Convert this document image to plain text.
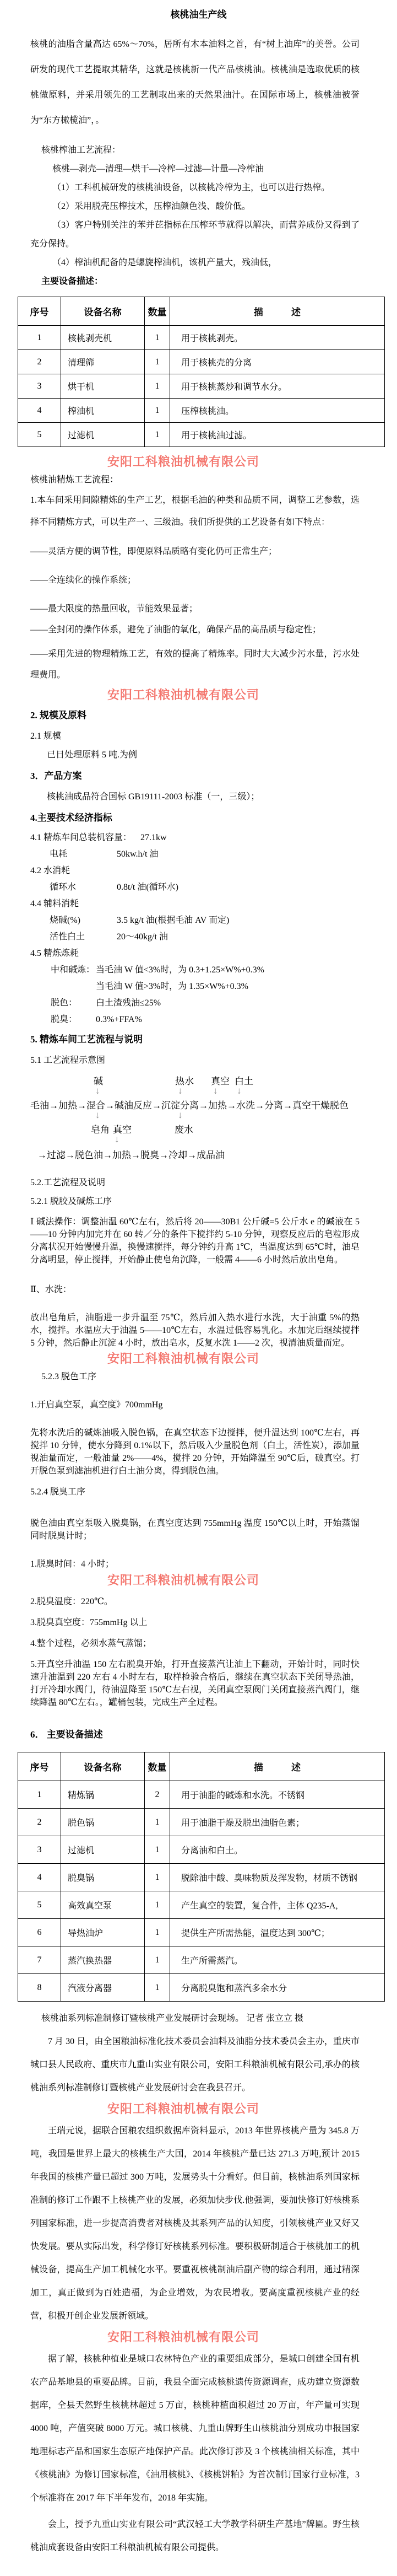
核桃油生产线
核桃的油脂含量高达 65%～70%，居所有木本油料之首，有“树上油库”的美誉。公司研发的现代工艺提取其精华，这就是核桃新一代产品核桃油。核桃油是选取优质的核桃做原料，并采用领先的工艺制取出来的天然果油汁。在国际市场上，核桃油被誉为“东方橄榄油”，。
核桃榨油工艺流程：
核桃—剥壳—清理—烘干—冷榨—过滤—计量—冷榨油
（1）工科机械研发的核桃油设备，以核桃冷榨为主，也可以进行热榨。
（2）采用脱壳压榨技术，压榨油颜色浅、酸价低。
（3）客户特别关注的苯并芘指标在压榨环节就得以解决，而营养成份又得到了充分保持。
（4）榨油机配备的是螺旋榨油机，该机产量大，残油低，
主要设备描述：
序号	设备名称	数量	描　　　述
1	核桃剥壳机	1	用于核桃剥壳。
2	清理筛	1	用于核桃壳的分离
3	烘干机	1	用于核桃蒸炒和调节水分。
4	榨油机	1	压榨核桃油。
5	过滤机	1	用于核桃油过滤。
安阳工科粮油机械有限公司
核桃油精炼工艺流程：
1.本车间采用间隙精炼的生产工艺，根据毛油的种类和品质不同，调整工艺参数，选择不同精炼方式，可以生产一、三级油。我们所提供的工艺设备有如下特点：
——灵活方便的调节性，即便原料品质略有变化仍可正常生产；
——全连续化的操作系统；
——最大限度的热量回收，节能效果显著；
——全封闭的操作体系，避免了油脂的氧化，确保产品的高品质与稳定性；
——采用先进的物理精炼工艺，有效的提高了精炼率。同时大大减少污水量，污水处理费用。
安阳工科粮油机械有限公司
2. 规模及原料
2.1 规模
已日处理原料 5 吨.为例
3．产品方案
核桃油成品符合国标 GB19111-2003 标准（一，三级）；
4.主要技术经济指标
4.1 精炼车间总装机容量： 27.1kw
电耗	50kw.h/t 油
4.2 水消耗
循环水	0.8t/t 油(循环水)
4.4 辅料消耗
烧碱(%)	3.5 kg/t 油(根据毛油 AV 而定)
活性白土	20～40kg/t 油
4.5 精炼炼耗
中和碱炼： 当毛油 W 值<3%时，为 0.3+1.25×W%+0.3%
当毛油 W 值>3%时，为 1.35×W%+0.3%
脱色：	白土渣残油≤25%
脱臭：	0.3%+FFA%
5. 精炼车间工艺流程与说明
5.1 工艺流程示意图
碱	热水 真空 白土
↓	↓	↓ ↓
毛油→加热→混合→碱油反应→沉淀分离→加热→水洗→分离→真空干燥脱色
↓	↓
皂角 真空	废水
↓
→过滤→脱色油→加热→脱臭→冷却→成品油
5.2.工艺流程及说明
5.2.1 脱胶及碱炼工序
Ⅰ 碱法操作：调整油温 60℃左右，然后将 20——30B1 公斤碱=5 公斤水 e 的碱液在 5——10 分钟内加完并在 60 转／分的条件下搅拌约 5-10 分钟，观察反应后的皂粒形成分离状况开始慢慢升温，换慢速搅拌，每分钟约升高 1℃，当温度达到 65℃时，油皂分离明显，停止搅拌，开始静止使皂角沉降，一般需 4——6 小时然后放出皂角。
Ⅱ、水洗：
放出皂角后，油脂进一步升温至 75℃，然后加入热水进行水洗，大于油重 5%的热水，搅拌。水温应大于油温 5——10℃左右，水温过低容易乳化。水加完后继续搅拌 5 分钟，然后静止沉淀 4 小时，放出皂水，反复水洗 1——2 次，视清油质量而定。
安阳工科粮油机械有限公司
5.2.3 脱色工序
1.开启真空泵，真空度》700mmHg
先将水洗后的碱炼油吸入脱色锅，在真空状态下边搅拌，便升温达到 100℃左右，再搅拌 10 分钟，使水分降到 0.1%以下，然后吸入少量脱色剂（白土，活性炭），添加量视油量而定，一般油量 2%——4%，搅拌 20 分钟，开始降温至 90℃后，破真空。打开脱色泵到滤油机进行白土油分离，得到脱色油。
5.2.4 脱臭工序
脱色油由真空泵吸入脱臭锅，在真空度达到 755mmHg 温度 150℃以上时，开始蒸馏同时脱臭计时；
1.脱臭时间：4 小时；
安阳工科粮油机械有限公司
2.脱臭温度：220℃。
3.脱臭真空度：755mmHg 以上
4.整个过程，必须水蒸气蒸馏；
5.开真空升油温 150 左右脱臭开始，打开直接蒸汽让油上下翻动，开始计时，同时快速升油温到 220 左右 4 小时左右，取样检验合格后，继续在真空状态下关闭导热油，打开冷却水阀门，待油温降至 150℃左右视，关闭真空泵阀门关闭直接蒸汽阀门，继续降温 80℃左右。，罐桶包装，完成生产全过程。
6． 主要设备描述
序号	设备名称	数量	描　　　述
1	精炼锅	2	用于油脂的碱炼和水洗。不锈钢
2	脱色锅	1	用于油脂干燥及脱出油脂色素；
3	过滤机	1	分离油和白土。
4	脱臭锅	1	脱除油中酸、臭味物质及挥发物，材质不锈钢
5	高效真空泵	1	产生真空的装置，复合件，主体 Q235-A,
6	导热油炉	1	提供生产所需热能，温度达到 300℃；
7	蒸汽换热器	1	生产所需蒸汽。
8	汽液分离器	1	分离脱臭饱和蒸汽多余水分
核桃油系列标准制修订暨核桃产业发展研讨会现场。 记者 张立立 摄
7 月 30 日，由全国粮油标准化技术委员会油料及油脂分技术委员会主办，重庆市城口县人民政府、重庆市九重山实业有限公司，安阳工科粮油机械有限公司,承办的核桃油系列标准制修订暨核桃产业发展研讨会在我县召开。
安阳工科粮油机械有限公司
王瑞元说，据联合国粮农组织数据库资料显示，2013 年世界核桃产量为 345.8 万吨，我国是世界上最大的核桃生产大国，2014 年核桃产量已达 271.3 万吨,预计 2015 年我国的核桃产量已超过 300 万吨，发展势头十分看好。但目前，核桃油系列国家标准制的修订工作跟不上核桃产业的发展，必须加快步伐.他强调，要加快修订好核桃系列国家标准，进一步提高消费者对核桃及其系列产品的认知度，引领核桃产业又好又快发展。要从实际出发，科学修订好核桃系列标准。要积极研制适合于核桃加工的机械设备，提高生产加工机械化水平。要重视核桃制油后副产物的综合利用，通过精深加工，真正做到为百姓造福，为企业增效，为农民增收。要高度重视核桃产业的经营，积极开创企业发展新领域。
安阳工科粮油机械有限公司
据了解，核桃种植业是城口农林特色产业的重要组成部分，是城口创建全国有机农产品基地县的重要品牌。目前，我县全面完成核桃遗传资源调查，成功建立资源数据库，全县天然野生核桃林超过 5 万亩，核桃种植面积超过 20 万亩，年产量可实现 4000 吨，产值突破 8000 万元。城口核桃、九重山牌野生山核桃油分别成功申报国家地理标志产品和国家生态原产地保护产品。此次修订涉及 3 个核桃油相关标准，其中《核桃油》为修订国家标准，《油用核桃》、《核桃饼粕》为首次制订国家行业标准，3 个标准将在 2017 年下半年发布，2018 年实施。
会上，授予九重山实业有限公司“武汉轻工大学教学科研生产基地”牌匾。野生核桃油成套设备由安阳工科粮油机械有限公司提供。
